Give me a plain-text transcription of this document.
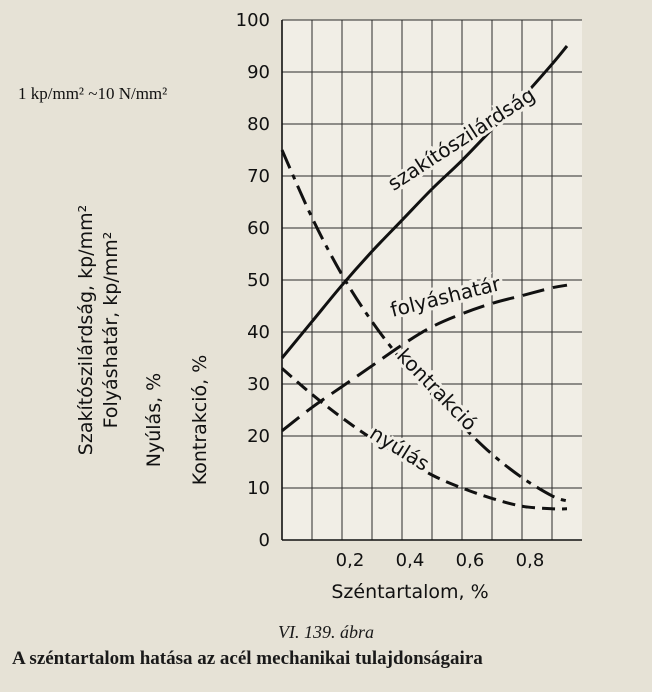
0
10
20
30
40
50
60
70
80
90
100
0,2 0,4 0,6 0,8
Széntartalom, %
Szakítószilárdság, kp/mm² Folyáshatár, kp/mm² Nyúlás, % Kontrakció, %
szakítószilárdság
folyáshatár
kontrakció
nyúlás
1 kp/mm² ~10 N/mm²
VI. 139. ábra
A széntartalom hatása az acél mechanikai tulajdonságaira
